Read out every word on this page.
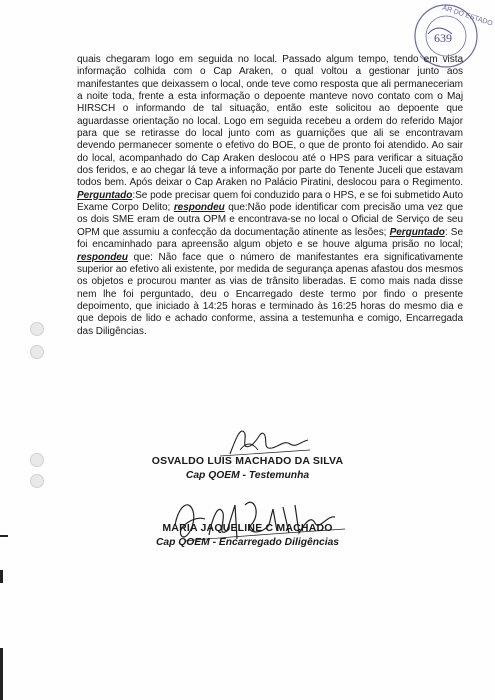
AR DO ESTADO
639

quais chegaram logo em seguida no local. Passado algum tempo, tendo em vista informação colhida com o Cap Araken, o qual voltou a gestionar junto aos manifestantes que deixassem o local, onde teve como resposta que ali permaneceriam a noite toda, frente a esta informação o depoente manteve novo contato com o Maj HIRSCH o informando de tal situação, então este solicitou ao depoente que aguardasse orientação no local. Logo em seguida recebeu a ordem do referido Major para que se retirasse do local junto com as guarnições que ali se encontravam devendo permanecer somente o efetivo do BOE, o que de pronto foi atendido. Ao sair do local, acompanhado do Cap Araken deslocou até o HPS para verificar a situação dos feridos, e ao chegar lá teve a informação por parte do Tenente Juceli que estavam todos bem. Após deixar o Cap Araken no Palácio Piratini, deslocou para o Regimento. Perguntado:Se pode precisar quem foi conduzido para o HPS, e se foi submetido Auto Exame Corpo Delito; respondeu que:Não pode identificar com precisão uma vez que os dois SME eram de outra OPM e encontrava-se no local o Oficial de Serviço de seu OPM que assumiu a confecção da documentação atinente as lesões; Perguntado: Se foi encaminhado para apreensão algum objeto e se houve alguma prisão no local; respondeu que: Não face que o número de manifestantes era significativamente superior ao efetivo ali existente, por medida de segurança apenas afastou dos mesmos os objetos e procurou manter as vias de trânsito liberadas. E como mais nada disse nem lhe foi perguntado, deu o Encarregado deste termo por findo o presente depoimento, que iniciado à 14:25 horas e terminado às 16:25 horas do mesmo dia e que depois de lido e achado conforme, assina a testemunha e comigo, Encarregada das Diligências.

OSVALDO LUIS MACHADO DA SILVA
Cap QOEM - Testemunha
MARIA JAQUELINE C MACHADO
Cap QOEM - Encarregado Diligências
